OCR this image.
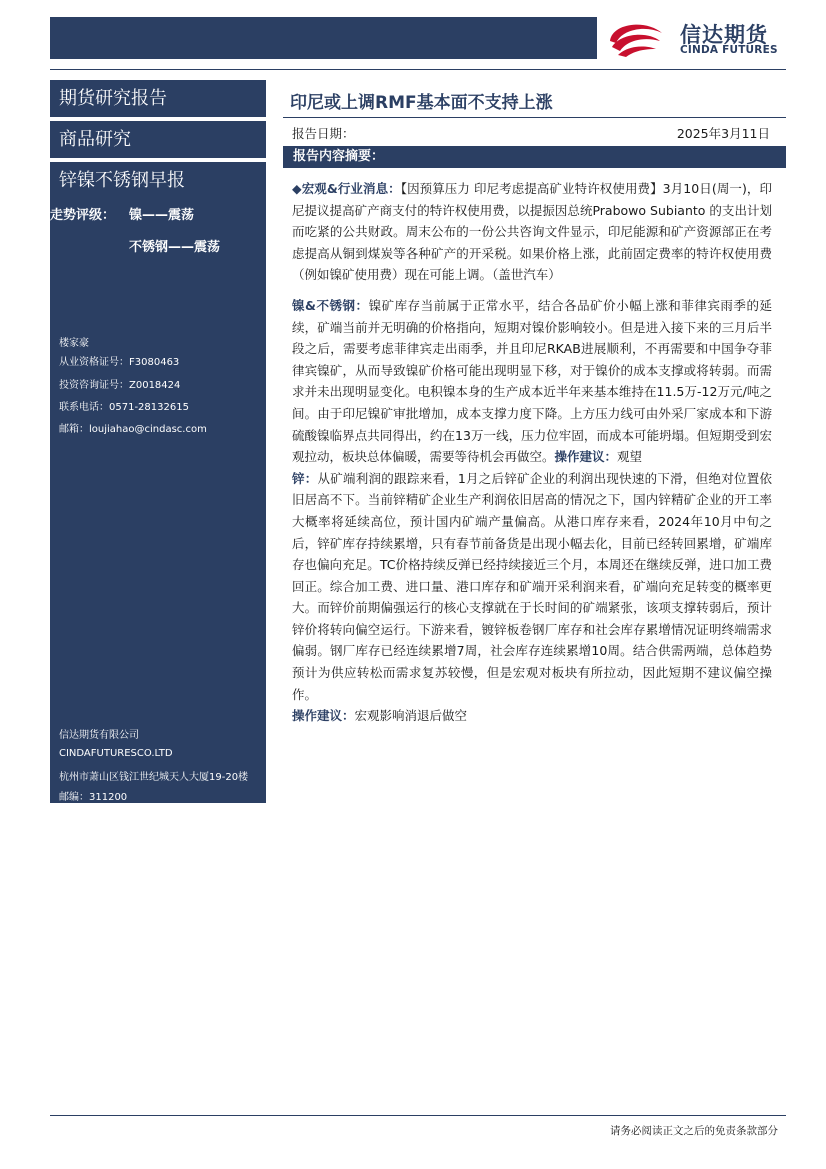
信达期货
CINDA FUTURES
期货研究报告
商品研究
锌镍不锈钢早报
走势评级： 镍——震荡
不锈钢——震荡
楼家豪
从业资格证号：F3080463
投资咨询证号：Z0018424
联系电话：0571-28132615
邮箱：loujiahao@cindasc.com
信达期货有限公司
CINDAFUTURESCO.LTD
杭州市萧山区钱江世纪城天人大厦19-20楼
邮编：311200
印尼或上调RMF基本面不支持上涨
报告日期：	2025年3月11日
报告内容摘要：

◆宏观&行业消息：【因预算压力 印尼考虑提高矿业特许权使用费】3月10日(周一)，印尼提议提高矿产商支付的特许权使用费，以提振因总统Prabowo Subianto 的支出计划而吃紧的公共财政。周末公布的一份公共咨询文件显示，印尼能源和矿产资源部正在考虑提高从铜到煤炭等各种矿产的开采税。如果价格上涨，此前固定费率的特许权使用费（例如镍矿使用费）现在可能上调。（盖世汽车）

镍&不锈钢：镍矿库存当前属于正常水平，结合各品矿价小幅上涨和菲律宾雨季的延续，矿端当前并无明确的价格指向，短期对镍价影响较小。但是进入接下来的三月后半段之后，需要考虑菲律宾走出雨季，并且印尼RKAB进展顺利，不再需要和中国争夺菲律宾镍矿，从而导致镍矿价格可能出现明显下移，对于镍价的成本支撑或将转弱。而需求并未出现明显变化。电积镍本身的生产成本近半年来基本维持在11.5万-12万元/吨之间。由于印尼镍矿审批增加，成本支撑力度下降。上方压力线可由外采厂家成本和下游硫酸镍临界点共同得出，约在13万一线，压力位牢固，而成本可能坍塌。但短期受到宏观拉动，板块总体偏暖，需要等待机会再做空。操作建议：观望

锌：从矿端利润的跟踪来看，1月之后锌矿企业的利润出现快速的下滑，但绝对位置依旧居高不下。当前锌精矿企业生产利润依旧居高的情况之下，国内锌精矿企业的开工率大概率将延续高位，预计国内矿端产量偏高。从港口库存来看，2024年10月中旬之后，锌矿库存持续累增，只有春节前备货是出现小幅去化，目前已经转回累增，矿端库存也偏向充足。TC价格持续反弹已经持续接近三个月，本周还在继续反弹，进口加工费回正。综合加工费、进口量、港口库存和矿端开采利润来看，矿端向充足转变的概率更大。而锌价前期偏强运行的核心支撑就在于长时间的矿端紧张，该项支撑转弱后，预计锌价将转向偏空运行。下游来看，镀锌板卷钢厂库存和社会库存累增情况证明终端需求偏弱。钢厂库存已经连续累增7周，社会库存连续累增10周。结合供需两端，总体趋势预计为供应转松而需求复苏较慢，但是宏观对板块有所拉动，因此短期不建议偏空操作。

操作建议：宏观影响消退后做空

请务必阅读正文之后的免责条款部分
